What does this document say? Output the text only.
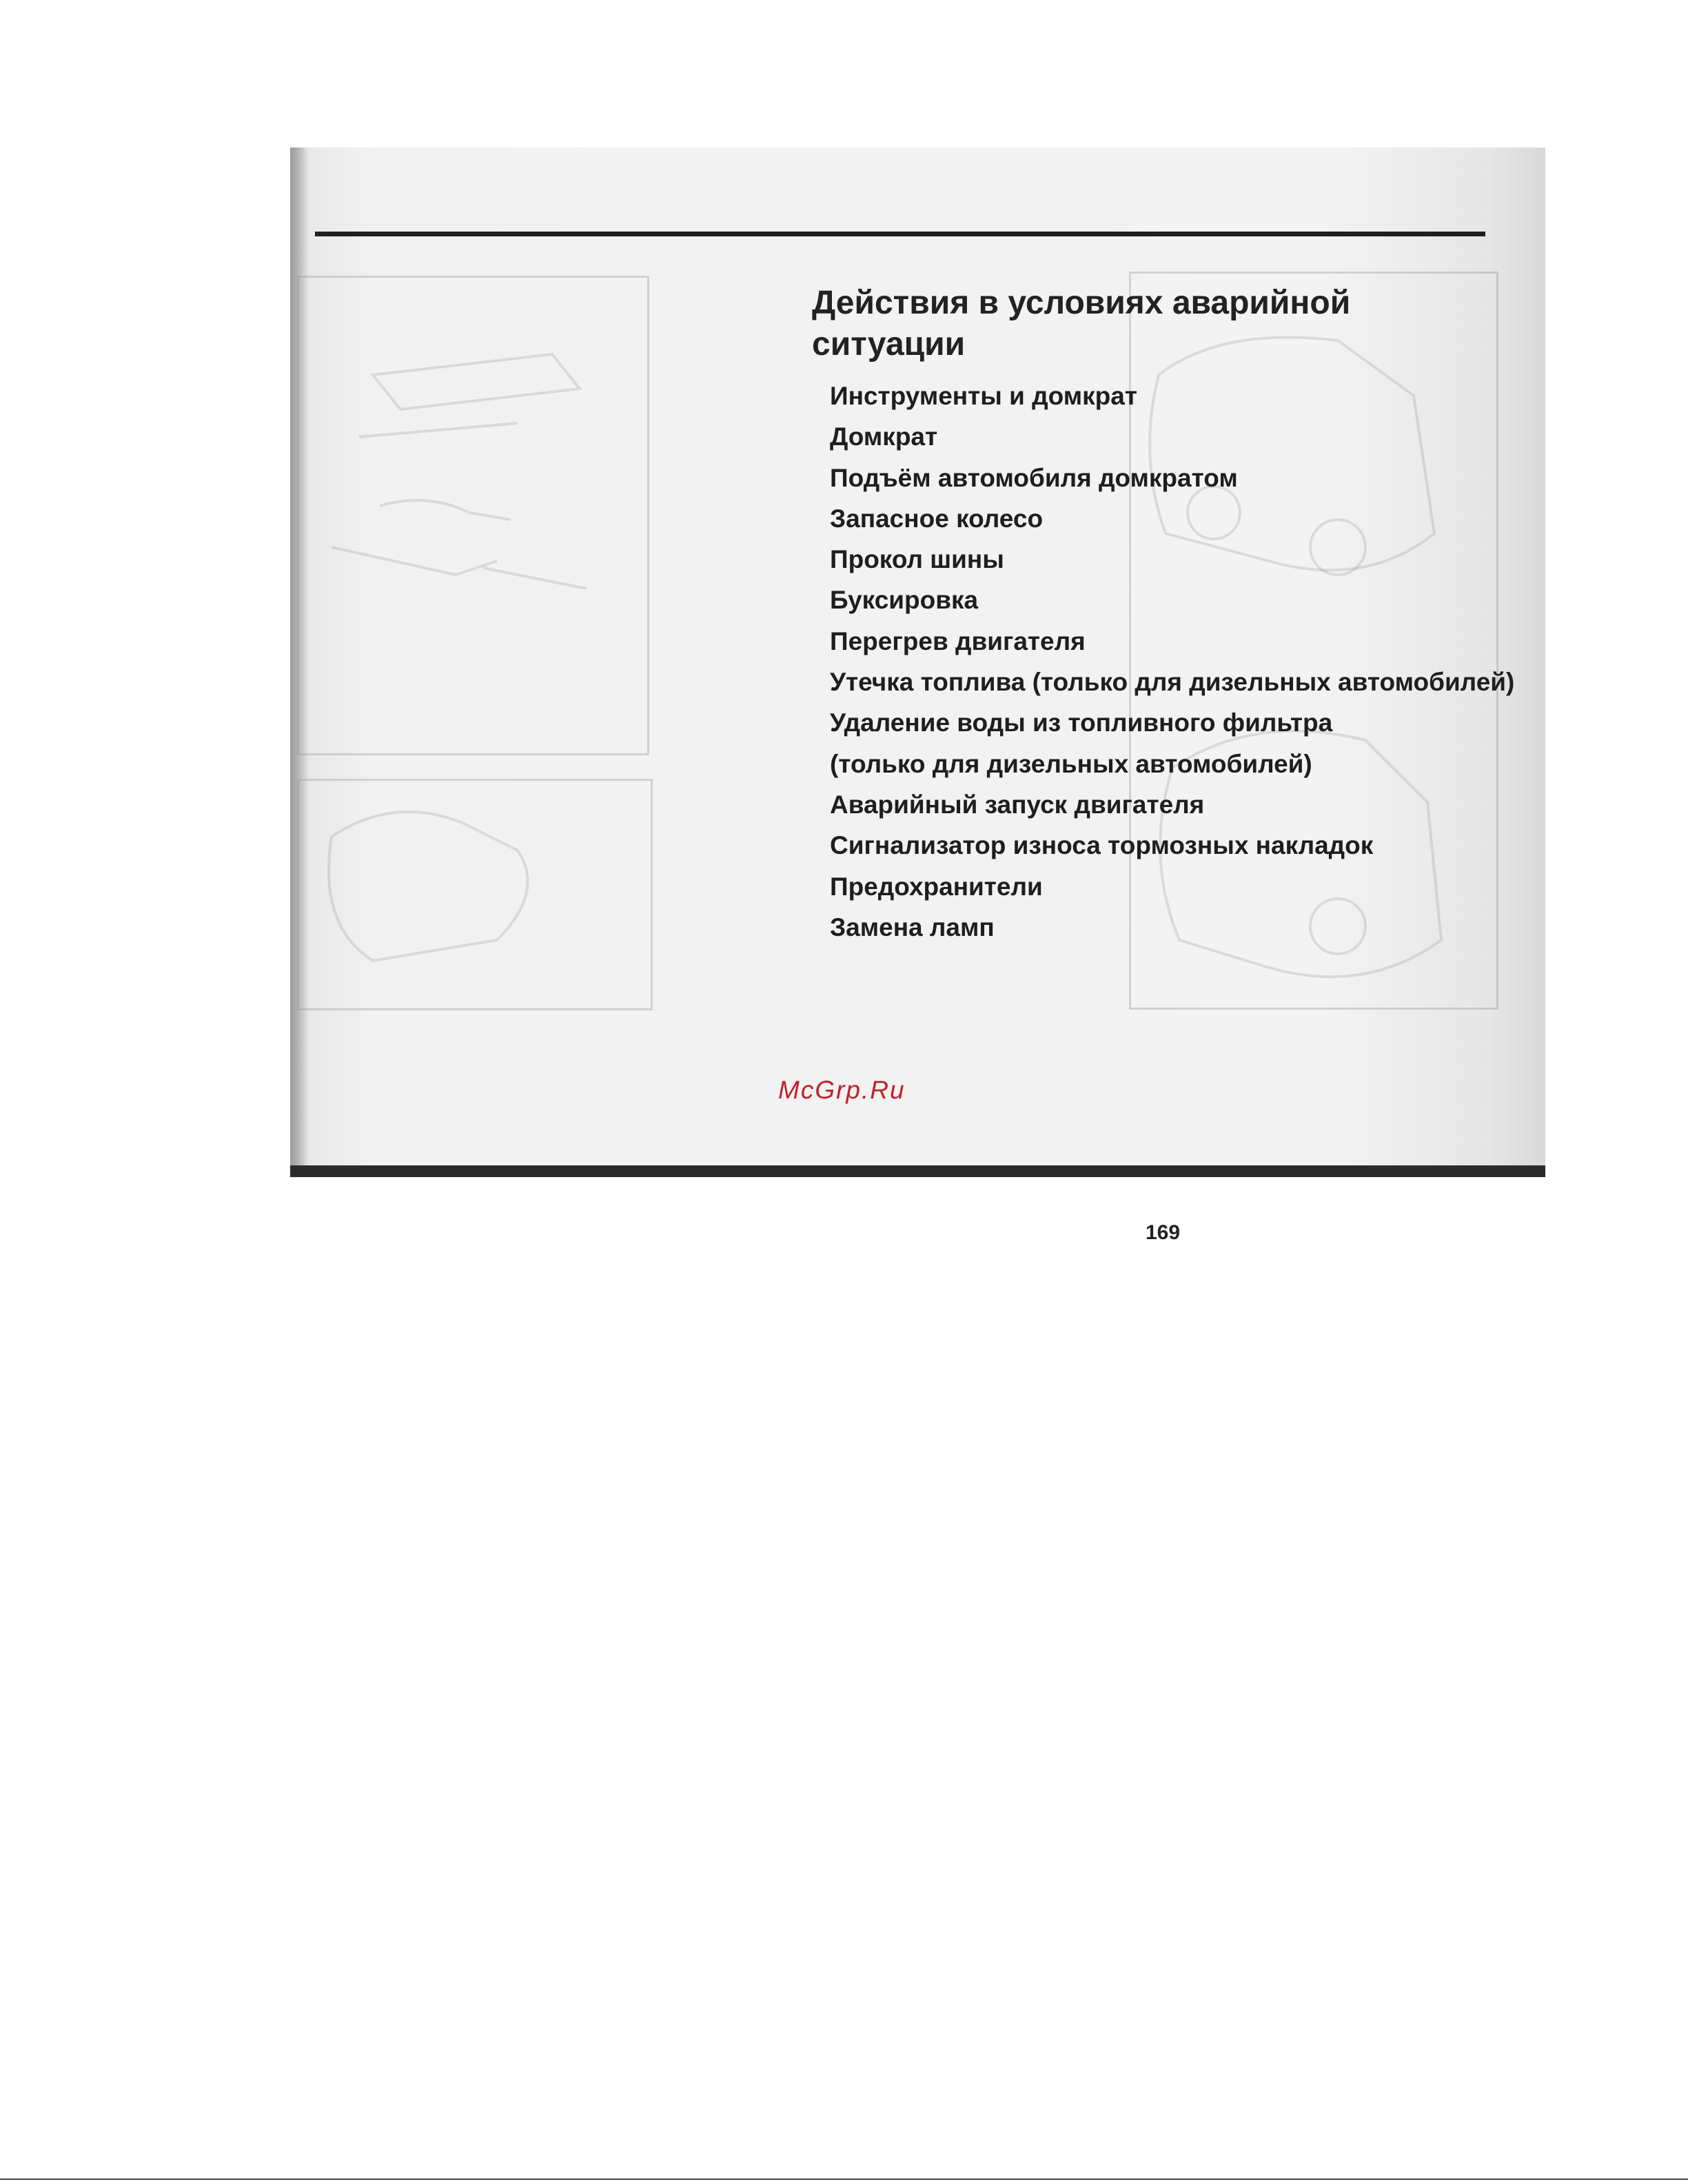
Действия в условиях аварийной ситуации
Инструменты и домкрат
Домкрат
Подъём автомобиля домкратом
Запасное колесо
Прокол шины
Буксировка
Перегрев двигателя
Утечка топлива (только для дизельных автомобилей)
Удаление воды из топливного фильтра
(только для дизельных автомобилей)
Аварийный запуск двигателя
Сигнализатор износа тормозных накладок
Предохранители
Замена ламп
169
McGrp.Ru
